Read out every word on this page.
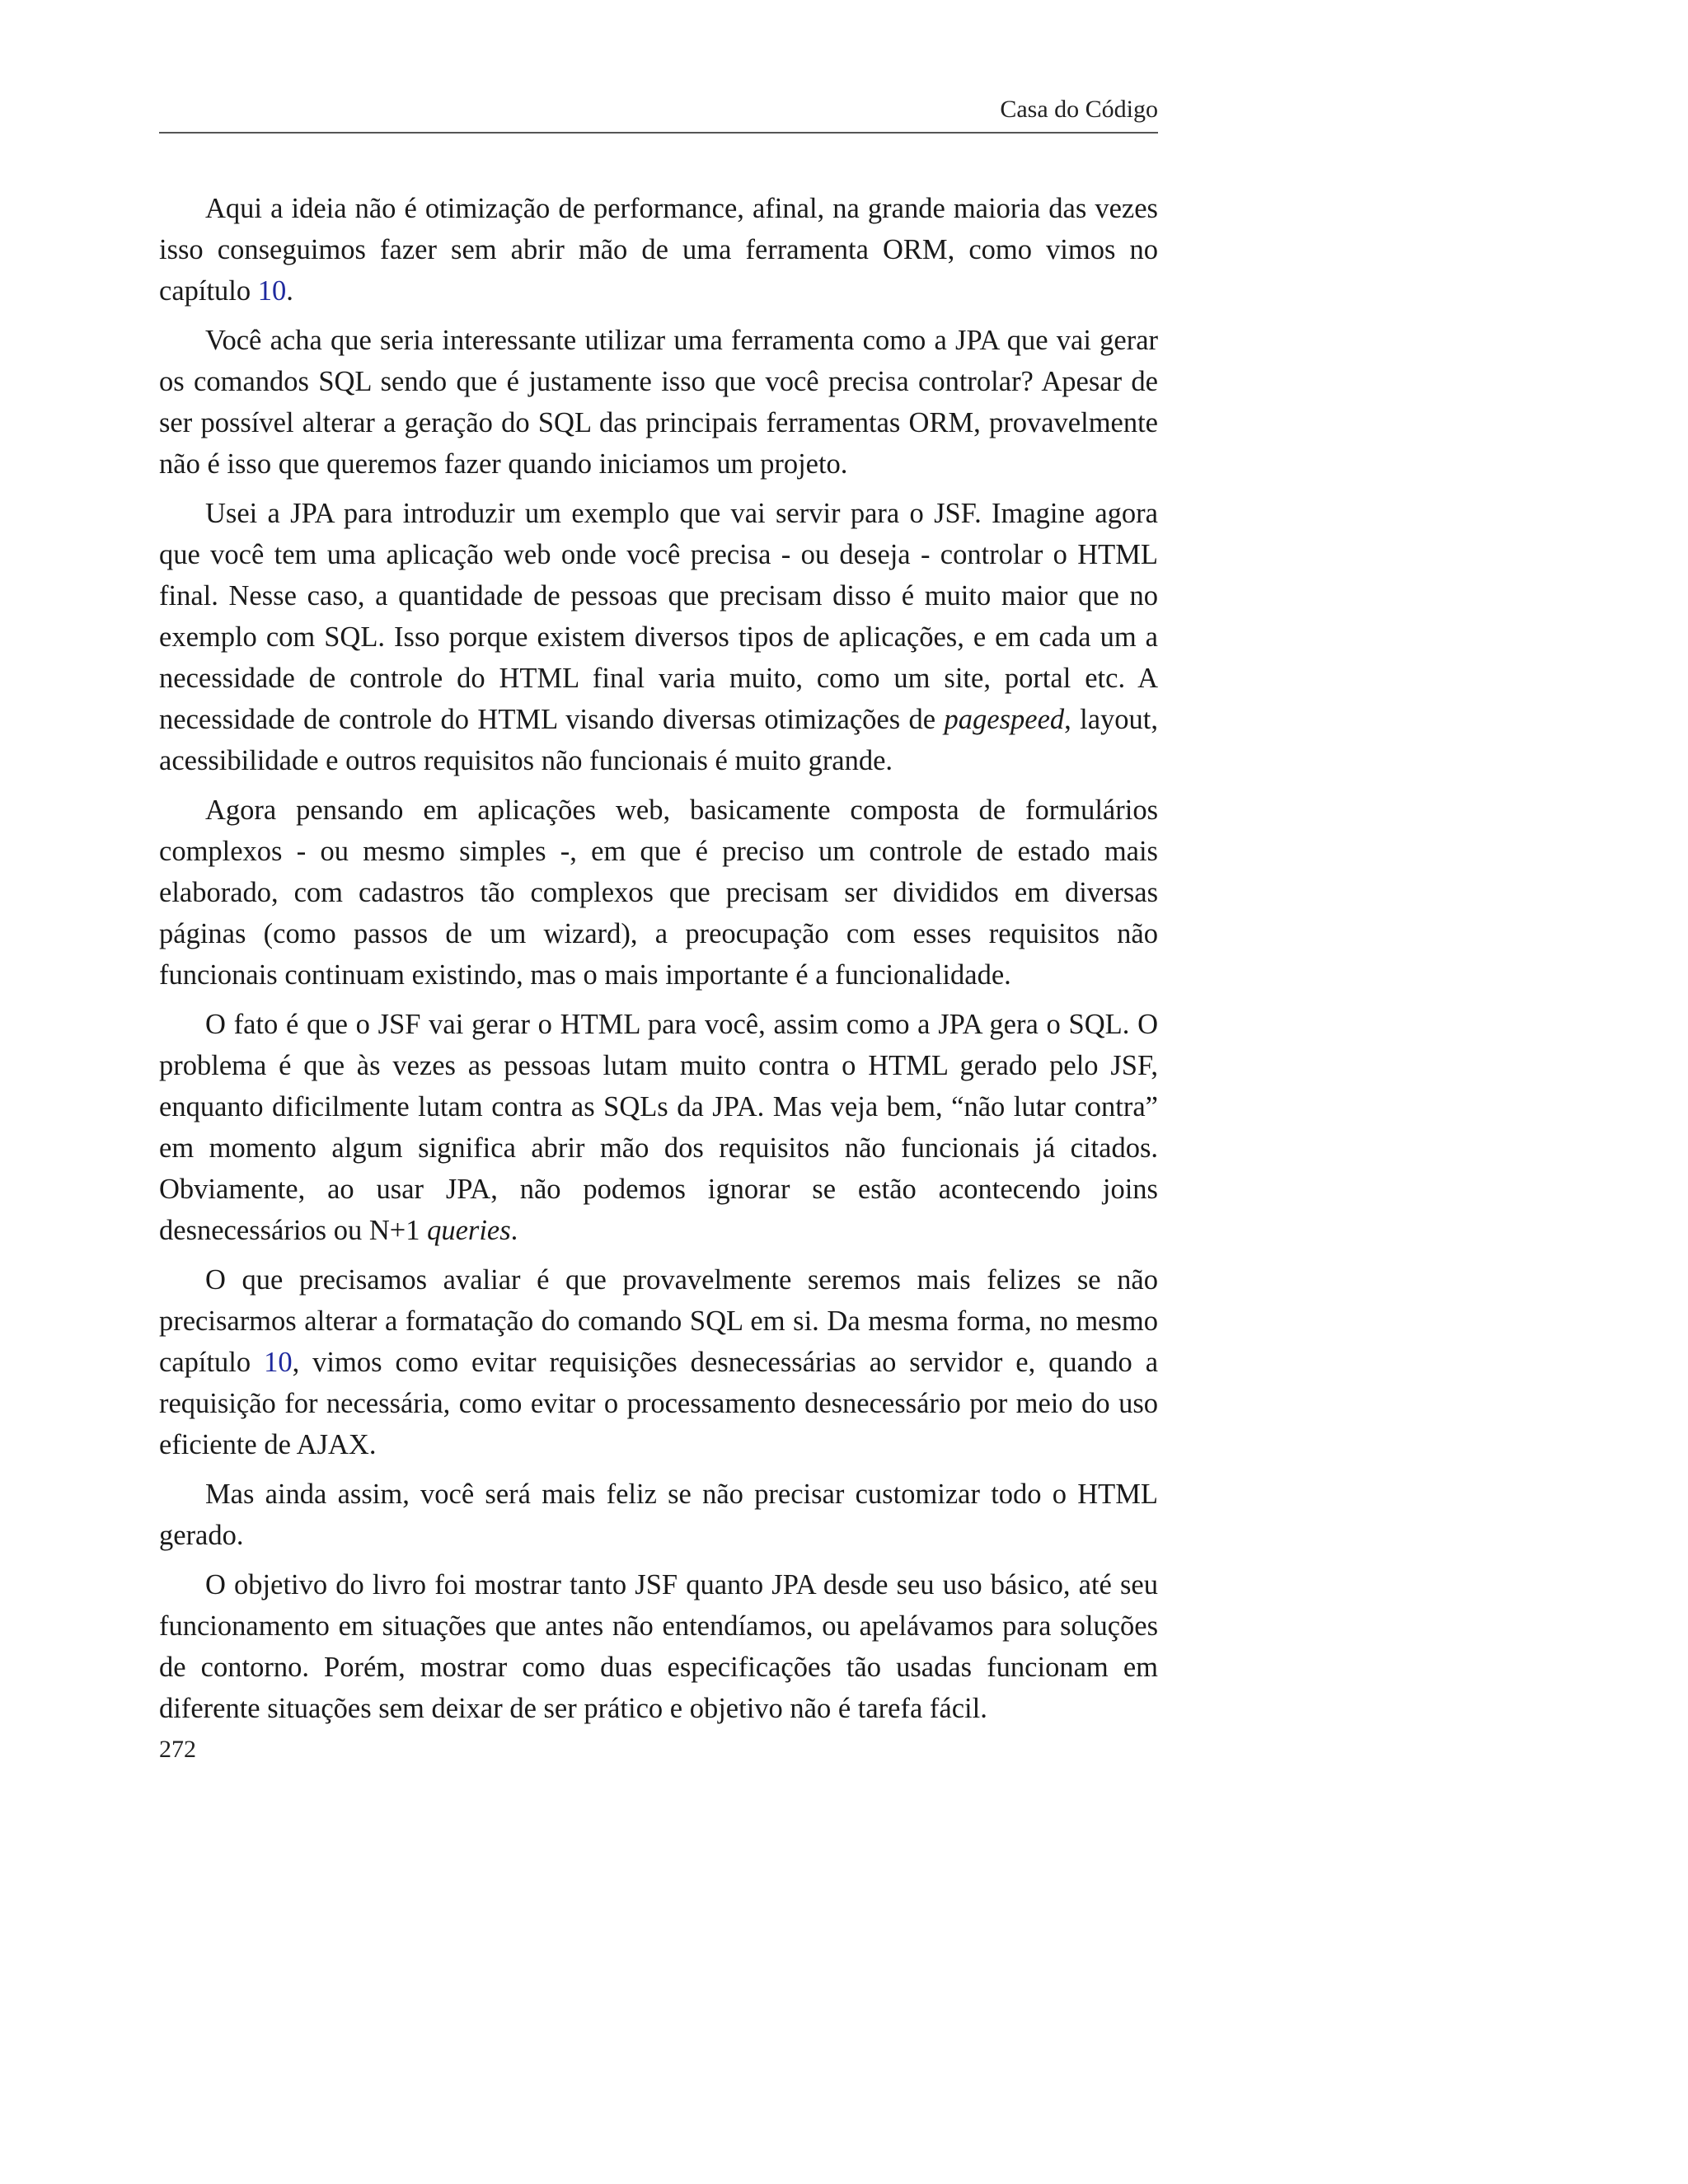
Casa do Código

Aqui a ideia não é otimização de performance, afinal, na grande maioria das vezes isso conseguimos fazer sem abrir mão de uma ferramenta ORM, como vimos no capítulo 10.

Você acha que seria interessante utilizar uma ferramenta como a JPA que vai gerar os comandos SQL sendo que é justamente isso que você precisa controlar? Apesar de ser possível alterar a geração do SQL das principais ferramentas ORM, provavelmente não é isso que queremos fazer quando iniciamos um projeto.

Usei a JPA para introduzir um exemplo que vai servir para o JSF. Imagine agora que você tem uma aplicação web onde você precisa - ou deseja - controlar o HTML final. Nesse caso, a quantidade de pessoas que precisam disso é muito maior que no exemplo com SQL. Isso porque existem diversos tipos de aplicações, e em cada um a necessidade de controle do HTML final varia muito, como um site, portal etc. A necessidade de controle do HTML visando diversas otimizações de pagespeed, layout, acessibilidade e outros requisitos não funcionais é muito grande.

Agora pensando em aplicações web, basicamente composta de formulários complexos - ou mesmo simples -, em que é preciso um controle de estado mais elaborado, com cadastros tão complexos que precisam ser divididos em diversas páginas (como passos de um wizard), a preocupação com esses requisitos não funcionais continuam existindo, mas o mais importante é a funcionalidade.

O fato é que o JSF vai gerar o HTML para você, assim como a JPA gera o SQL. O problema é que às vezes as pessoas lutam muito contra o HTML gerado pelo JSF, enquanto dificilmente lutam contra as SQLs da JPA. Mas veja bem, “não lutar contra” em momento algum significa abrir mão dos requisitos não funcionais já citados. Obviamente, ao usar JPA, não podemos ignorar se estão acontecendo joins desnecessários ou N+1 queries.

O que precisamos avaliar é que provavelmente seremos mais felizes se não precisarmos alterar a formatação do comando SQL em si. Da mesma forma, no mesmo capítulo 10, vimos como evitar requisições desnecessárias ao servidor e, quando a requisição for necessária, como evitar o processamento desnecessário por meio do uso eficiente de AJAX.

Mas ainda assim, você será mais feliz se não precisar customizar todo o HTML gerado.

O objetivo do livro foi mostrar tanto JSF quanto JPA desde seu uso básico, até seu funcionamento em situações que antes não entendíamos, ou apelávamos para soluções de contorno. Porém, mostrar como duas especificações tão usadas funcionam em diferente situações sem deixar de ser prático e objetivo não é tarefa fácil.

272
